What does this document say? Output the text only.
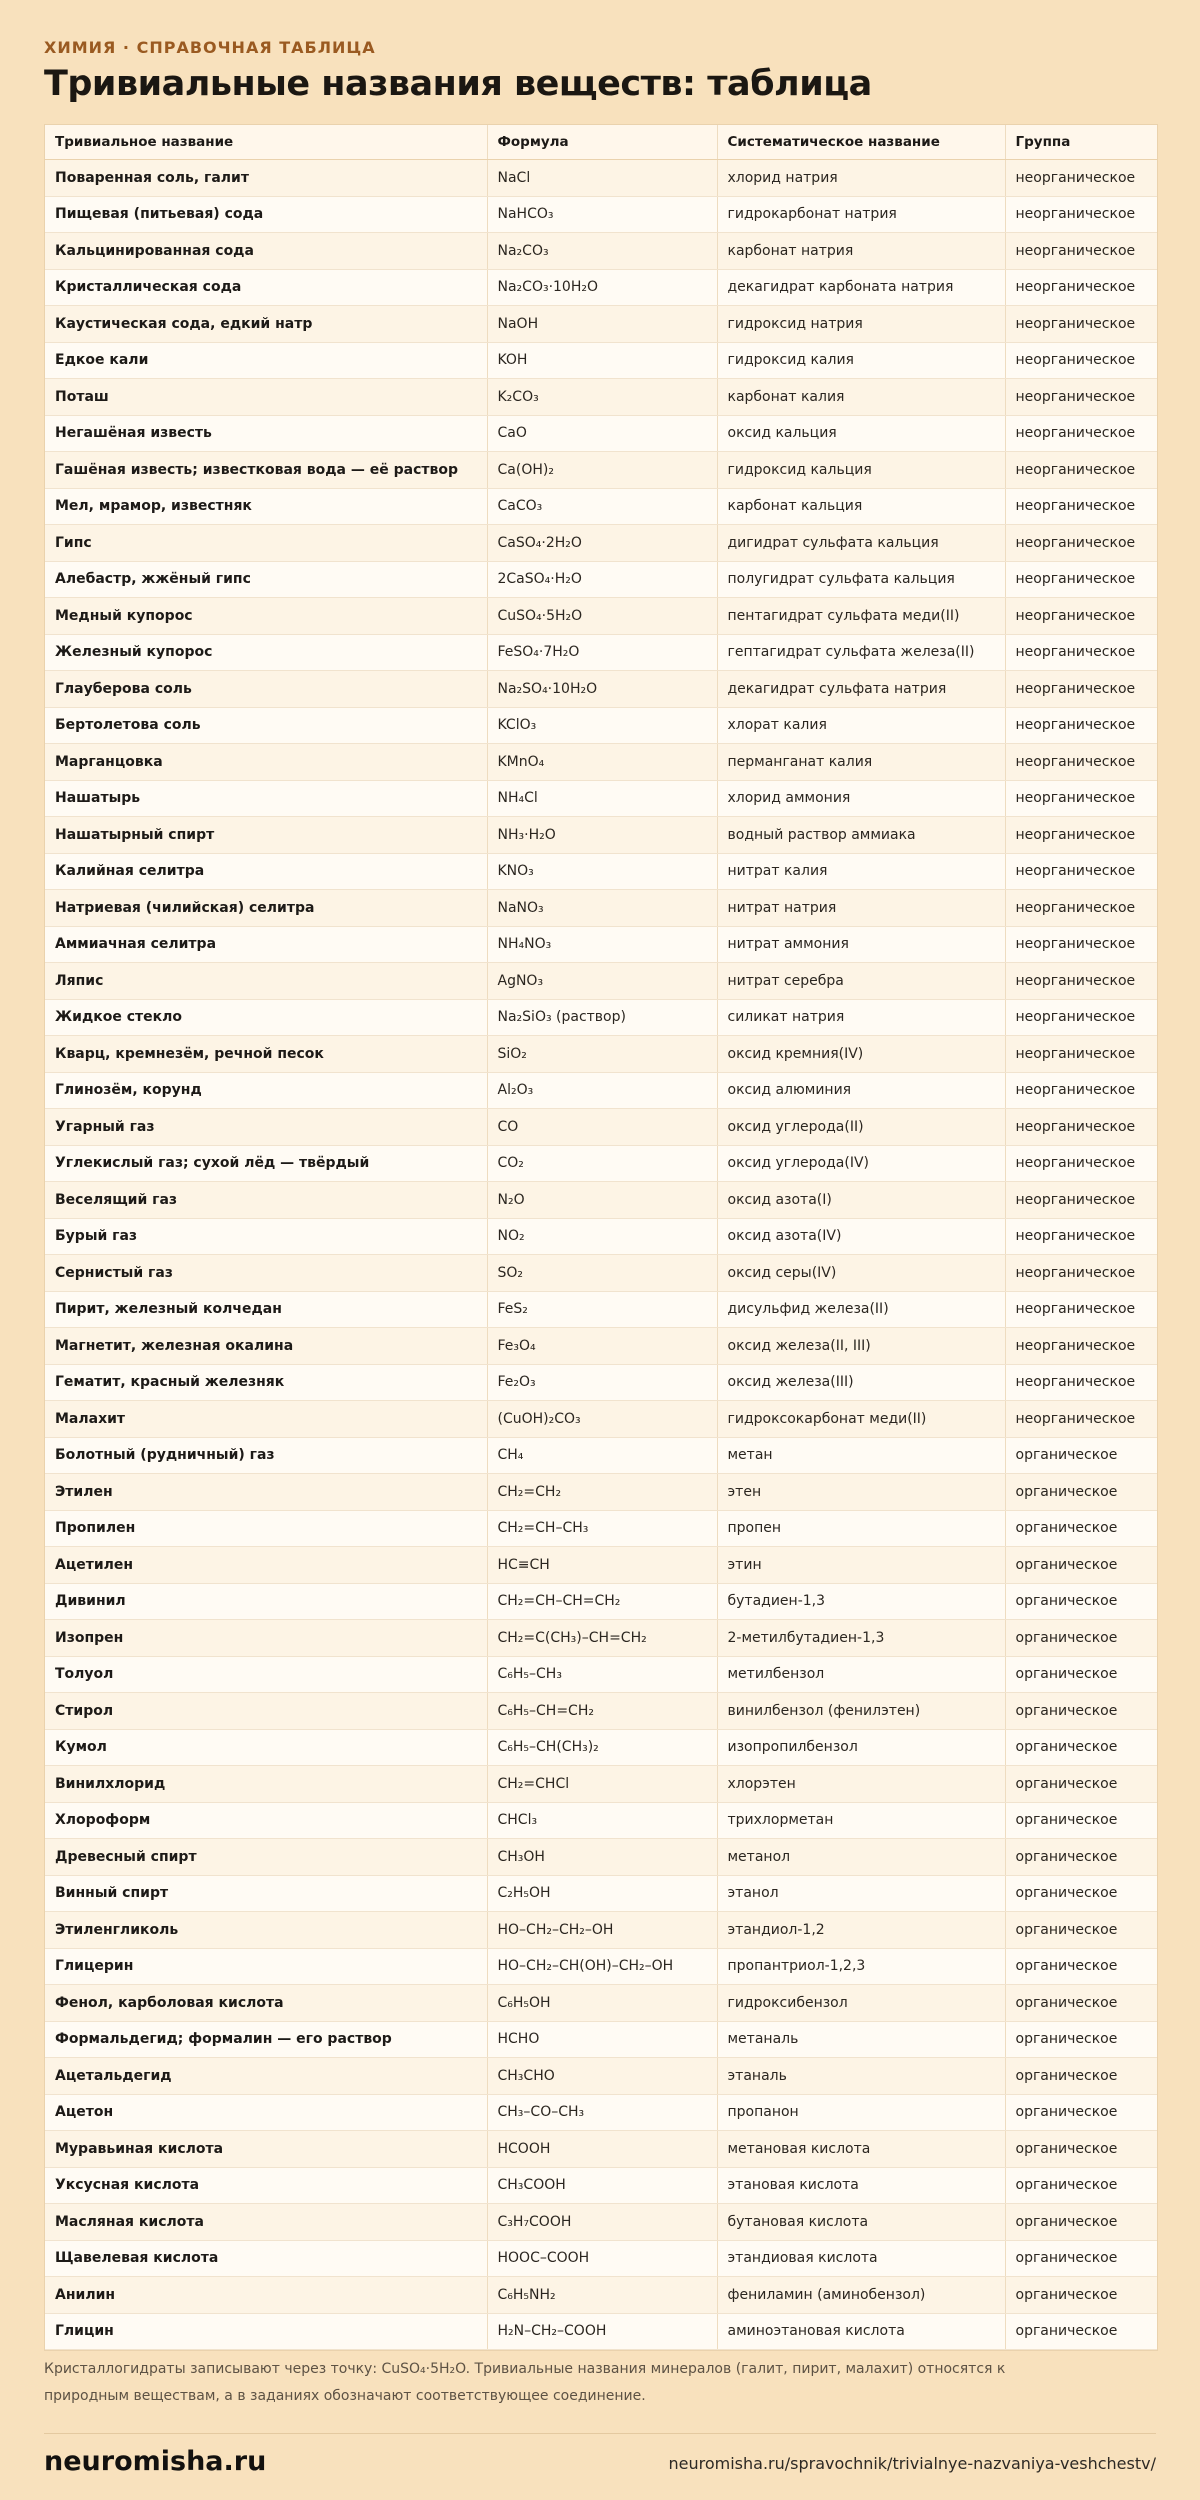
ХИМИЯ · СПРАВОЧНАЯ ТАБЛИЦА
Тривиальные названия веществ: таблица
Тривиальное название	Формула	Систематическое название	Группа
Поваренная соль, галит	NaCl	хлорид натрия	неорганическое
Пищевая (питьевая) сода	NaHCO₃	гидрокарбонат натрия	неорганическое
Кальцинированная сода	Na₂CO₃	карбонат натрия	неорганическое
Кристаллическая сода	Na₂CO₃·10H₂O	декагидрат карбоната натрия	неорганическое
Каустическая сода, едкий натр	NaOH	гидроксид натрия	неорганическое
Едкое кали	KOH	гидроксид калия	неорганическое
Поташ	K₂CO₃	карбонат калия	неорганическое
Негашёная известь	CaO	оксид кальция	неорганическое
Гашёная известь; известковая вода — её раствор	Ca(OH)₂	гидроксид кальция	неорганическое
Мел, мрамор, известняк	CaCO₃	карбонат кальция	неорганическое
Гипс	CaSO₄·2H₂O	дигидрат сульфата кальция	неорганическое
Алебастр, жжёный гипс	2CaSO₄·H₂O	полугидрат сульфата кальция	неорганическое
Медный купорос	CuSO₄·5H₂O	пентагидрат сульфата меди(II)	неорганическое
Железный купорос	FeSO₄·7H₂O	гептагидрат сульфата железа(II)	неорганическое
Глауберова соль	Na₂SO₄·10H₂O	декагидрат сульфата натрия	неорганическое
Бертолетова соль	KClO₃	хлорат калия	неорганическое
Марганцовка	KMnO₄	перманганат калия	неорганическое
Нашатырь	NH₄Cl	хлорид аммония	неорганическое
Нашатырный спирт	NH₃·H₂O	водный раствор аммиака	неорганическое
Калийная селитра	KNO₃	нитрат калия	неорганическое
Натриевая (чилийская) селитра	NaNO₃	нитрат натрия	неорганическое
Аммиачная селитра	NH₄NO₃	нитрат аммония	неорганическое
Ляпис	AgNO₃	нитрат серебра	неорганическое
Жидкое стекло	Na₂SiO₃ (раствор)	силикат натрия	неорганическое
Кварц, кремнезём, речной песок	SiO₂	оксид кремния(IV)	неорганическое
Глинозём, корунд	Al₂O₃	оксид алюминия	неорганическое
Угарный газ	CO	оксид углерода(II)	неорганическое
Углекислый газ; сухой лёд — твёрдый	CO₂	оксид углерода(IV)	неорганическое
Веселящий газ	N₂O	оксид азота(I)	неорганическое
Бурый газ	NO₂	оксид азота(IV)	неорганическое
Сернистый газ	SO₂	оксид серы(IV)	неорганическое
Пирит, железный колчедан	FeS₂	дисульфид железа(II)	неорганическое
Магнетит, железная окалина	Fe₃O₄	оксид железа(II, III)	неорганическое
Гематит, красный железняк	Fe₂O₃	оксид железа(III)	неорганическое
Малахит	(CuOH)₂CO₃	гидроксокарбонат меди(II)	неорганическое
Болотный (рудничный) газ	CH₄	метан	органическое
Этилен	CH₂=CH₂	этен	органическое
Пропилен	CH₂=CH–CH₃	пропен	органическое
Ацетилен	HC≡CH	этин	органическое
Дивинил	CH₂=CH–CH=CH₂	бутадиен-1,3	органическое
Изопрен	CH₂=C(CH₃)–CH=CH₂	2-метилбутадиен-1,3	органическое
Толуол	C₆H₅–CH₃	метилбензол	органическое
Стирол	C₆H₅–CH=CH₂	винилбензол (фенилэтен)	органическое
Кумол	C₆H₅–CH(CH₃)₂	изопропилбензол	органическое
Винилхлорид	CH₂=CHCl	хлорэтен	органическое
Хлороформ	CHCl₃	трихлорметан	органическое
Древесный спирт	CH₃OH	метанол	органическое
Винный спирт	C₂H₅OH	этанол	органическое
Этиленгликоль	HO–CH₂–CH₂–OH	этандиол-1,2	органическое
Глицерин	HO–CH₂–CH(OH)–CH₂–OH	пропантриол-1,2,3	органическое
Фенол, карболовая кислота	C₆H₅OH	гидроксибензол	органическое
Формальдегид; формалин — его раствор	HCHO	метаналь	органическое
Ацетальдегид	CH₃CHO	этаналь	органическое
Ацетон	CH₃–CO–CH₃	пропанон	органическое
Муравьиная кислота	HCOOH	метановая кислота	органическое
Уксусная кислота	CH₃COOH	этановая кислота	органическое
Масляная кислота	C₃H₇COOH	бутановая кислота	органическое
Щавелевая кислота	HOOC–COOH	этандиовая кислота	органическое
Анилин	C₆H₅NH₂	фениламин (аминобензол)	органическое
Глицин	H₂N–CH₂–COOH	аминоэтановая кислота	органическое

Кристаллогидраты записывают через точку: CuSO₄·5H₂O. Тривиальные названия минералов (галит, пирит, малахит) относятся к природным веществам, а в заданиях обозначают соответствующее соединение.

neuromisha.ru	neuromisha.ru/spravochnik/trivialnye-nazvaniya-veshchestv/
